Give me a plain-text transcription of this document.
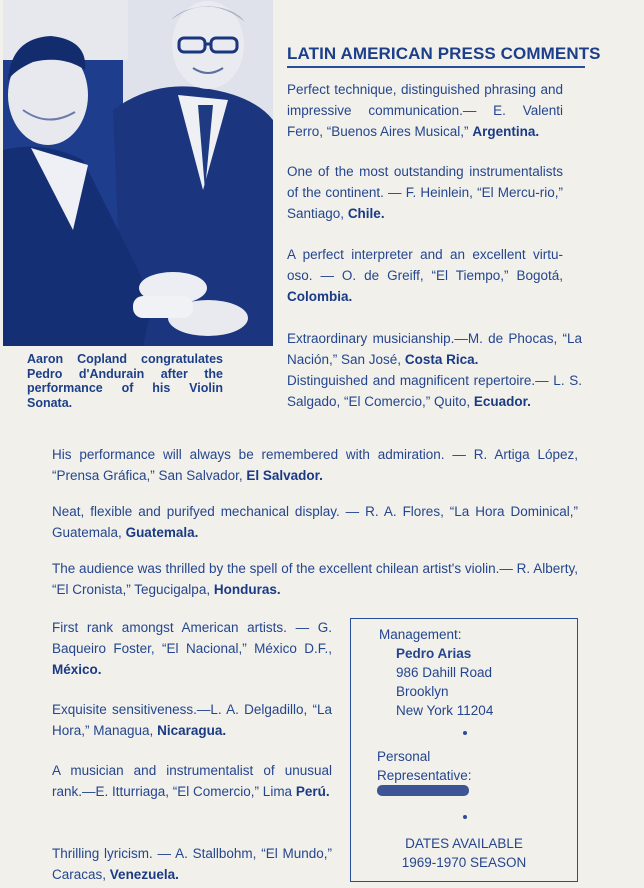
Aaron Copland congratulates Pedro d'Andurain after the performance of his Violin Sonata.
LATIN AMERICAN PRESS COMMENTS
Perfect technique, distinguished phrasing and impressive communication.— E. Valenti Ferro, “Buenos Aires Musical,” Argentina.
One of the most outstanding instrumentalists of the continent. — F. Heinlein, “El Mercu-rio,” Santiago, Chile.
A perfect interpreter and an excellent virtu-oso. — O. de Greiff, “El Tiempo,” Bogotá, Colombia.
Extraordinary musicianship.—M. de Phocas, “La Nación,” San José, Costa Rica.
Distinguished and magnificent repertoire.— L. S. Salgado, “El Comercio,” Quito, Ecuador.
His performance will always be remembered with admiration. — R. Artiga López, “Prensa Gráfica,” San Salvador, El Salvador.
Neat, flexible and purifyed mechanical display. — R. A. Flores, “La Hora Dominical,” Guatemala, Guatemala.
The audience was thrilled by the spell of the excellent chilean artist's violin.— R. Alberty, “El Cronista,” Tegucigalpa, Honduras.
First rank amongst American artists. — G. Baqueiro Foster, “El Nacional,” México D.F., México.
Exquisite sensitiveness.—L. A. Delgadillo, “La Hora,” Managua, Nicaragua.
A musician and instrumentalist of unusual rank.—E. Itturriaga, “El Comercio,” Lima Perú.
Thrilling lyricism. — A. Stallbohm, “El Mundo,” Caracas, Venezuela.
Management:
Pedro Arias
986 Dahill Road
Brooklyn
New York 11204
Personal
Representative:
DATES AVAILABLE
1969-1970 SEASON
